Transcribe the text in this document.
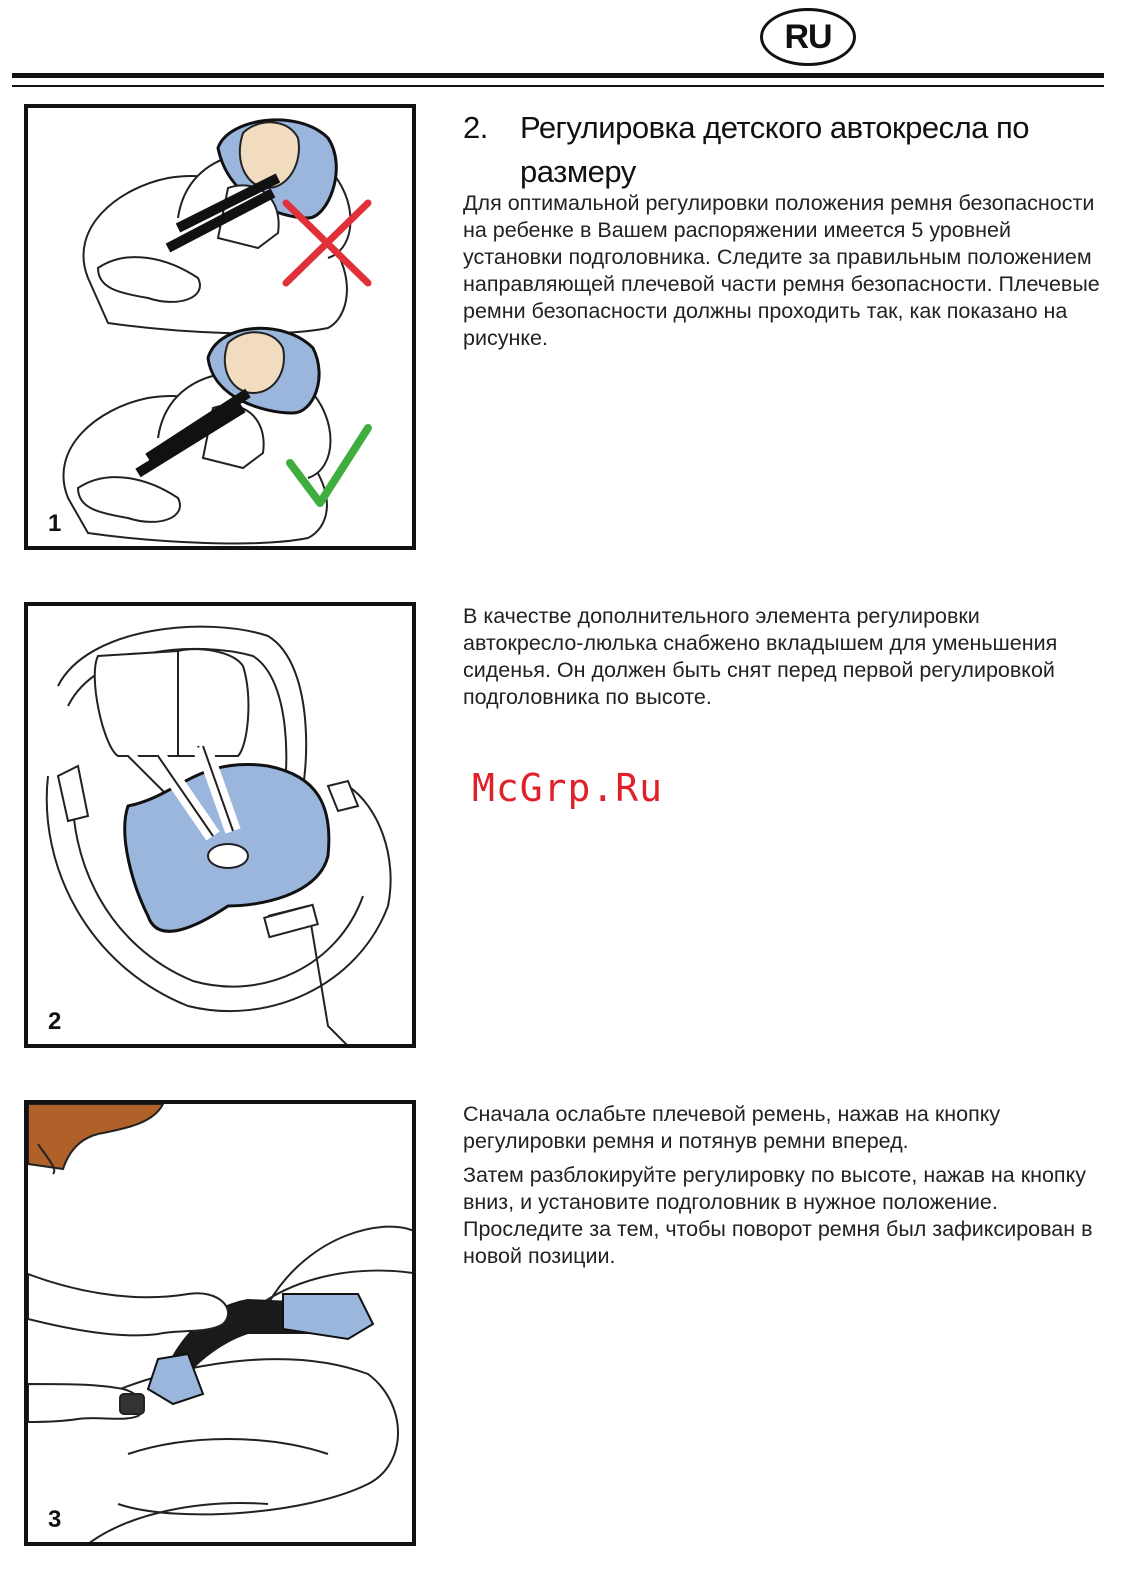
RU
1
2
3
2. Регулировка детского автокресла по размеру

Для оптимальной регулировки положения ремня безопасности на ребенке в Вашем распоряжении имеется 5 уровней установки подголовника. Следите за правильным положением направляющей плечевой части ремня безопасности. Плечевые ремни безопасности должны проходить так, как показано на рисунке.

В качестве дополнительного элемента регулировки автокресло-люлька снабжено вкладышем для уменьшения сиденья. Он должен быть снят перед первой регулировкой подголовника по высоте.

McGrp.Ru

Сначала ослабьте плечевой ремень, нажав на кнопку регулировки ремня и потянув ремни вперед.

Затем разблокируйте регулировку по высоте, нажав на кнопку вниз, и установите подголовник в нужное положение. Проследите за тем, чтобы поворот ремня был зафиксирован в новой позиции.
